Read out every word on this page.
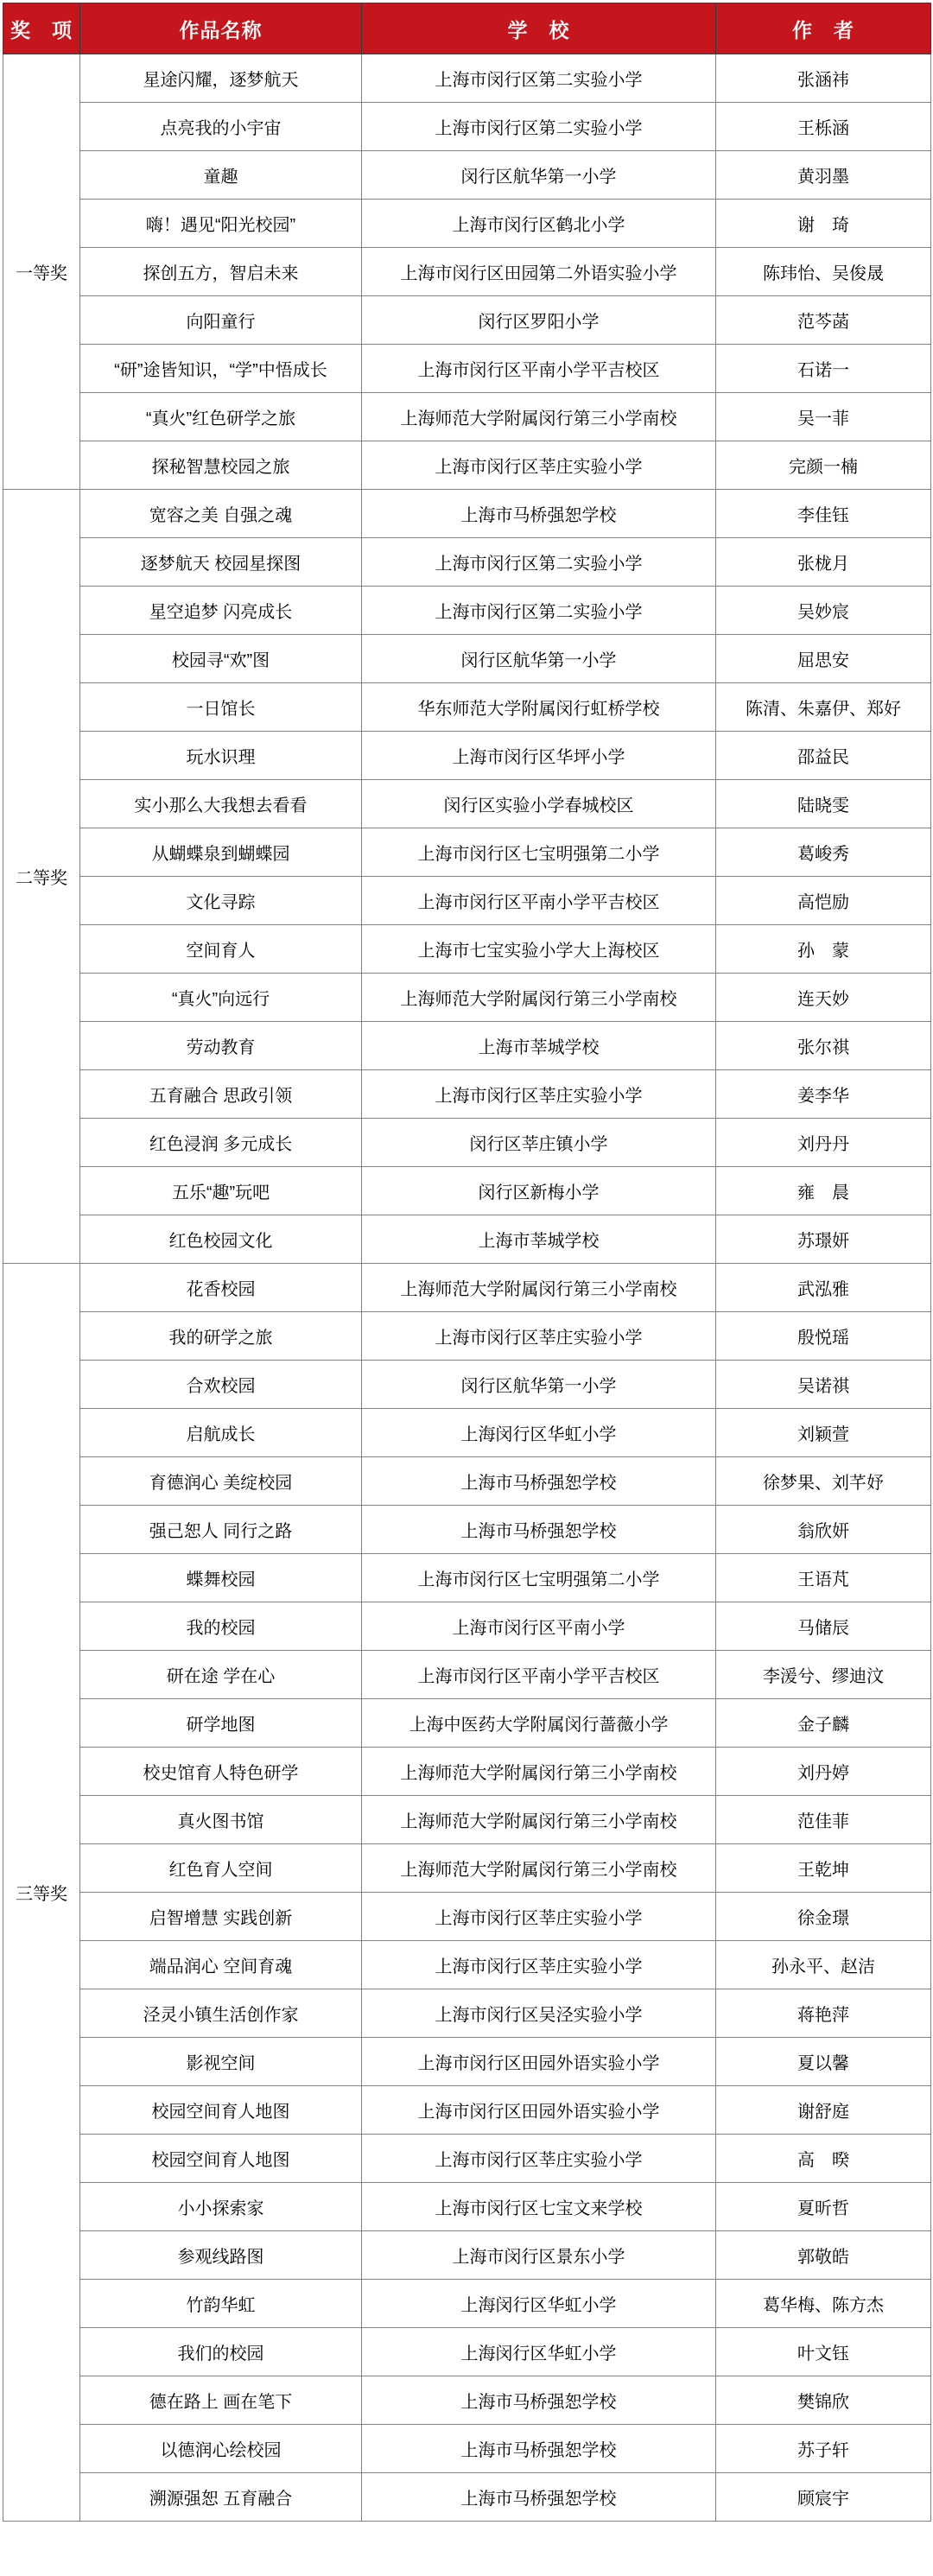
奖　项	作品名称	学　校	作　者
一等奖	星途闪耀，逐梦航天	上海市闵行区第二实验小学	张涵祎
	点亮我的小宇宙	上海市闵行区第二实验小学	王栎涵
	童趣	闵行区航华第一小学	黄羽墨
	嗨！遇见“阳光校园”	上海市闵行区鹤北小学	谢　琦
	探创五方，智启未来	上海市闵行区田园第二外语实验小学	陈玮怡、吴俊晟
	向阳童行	闵行区罗阳小学	范芩菡
	“研”途皆知识，“学”中悟成长	上海市闵行区平南小学平吉校区	石诺一
	“真火”红色研学之旅	上海师范大学附属闵行第三小学南校	吴一菲
	探秘智慧校园之旅	上海市闵行区莘庄实验小学	完颜一楠
二等奖	宽容之美 自强之魂	上海市马桥强恕学校	李佳钰
	逐梦航天 校园星探图	上海市闵行区第二实验小学	张栊月
	星空追梦 闪亮成长	上海市闵行区第二实验小学	吴妙宸
	校园寻“欢”图	闵行区航华第一小学	屈思安
	一日馆长	华东师范大学附属闵行虹桥学校	陈清、朱嘉伊、郑好
	玩水识理	上海市闵行区华坪小学	邵益民
	实小那么大我想去看看	闵行区实验小学春城校区	陆晓雯
	从蝴蝶泉到蝴蝶园	上海市闵行区七宝明强第二小学	葛峻秀
	文化寻踪	上海市闵行区平南小学平吉校区	高恺励
	空间育人	上海市七宝实验小学大上海校区	孙　蒙
	“真火”向远行	上海师范大学附属闵行第三小学南校	连天妙
	劳动教育	上海市莘城学校	张尔祺
	五育融合 思政引领	上海市闵行区莘庄实验小学	姜李华
	红色浸润 多元成长	闵行区莘庄镇小学	刘丹丹
	五乐“趣”玩吧	闵行区新梅小学	雍　晨
	红色校园文化	上海市莘城学校	苏璟妍
三等奖	花香校园	上海师范大学附属闵行第三小学南校	武泓雅
	我的研学之旅	上海市闵行区莘庄实验小学	殷悦瑶
	合欢校园	闵行区航华第一小学	吴诺祺
	启航成长	上海闵行区华虹小学	刘颖萱
	育德润心 美绽校园	上海市马桥强恕学校	徐梦果、刘芊妤
	强己恕人 同行之路	上海市马桥强恕学校	翁欣妍
	蝶舞校园	上海市闵行区七宝明强第二小学	王语芃
	我的校园	上海市闵行区平南小学	马储辰
	研在途 学在心	上海市闵行区平南小学平吉校区	李湲兮、缪迪汶
	研学地图	上海中医药大学附属闵行蔷薇小学	金子麟
	校史馆育人特色研学	上海师范大学附属闵行第三小学南校	刘丹婷
	真火图书馆	上海师范大学附属闵行第三小学南校	范佳菲
	红色育人空间	上海师范大学附属闵行第三小学南校	王乾坤
	启智增慧 实践创新	上海市闵行区莘庄实验小学	徐金璟
	端品润心 空间育魂	上海市闵行区莘庄实验小学	孙永平、赵洁
	泾灵小镇生活创作家	上海市闵行区吴泾实验小学	蒋艳萍
	影视空间	上海市闵行区田园外语实验小学	夏以馨
	校园空间育人地图	上海市闵行区田园外语实验小学	谢舒庭
	校园空间育人地图	上海市闵行区莘庄实验小学	高　暌
	小小探索家	上海市闵行区七宝文来学校	夏昕哲
	参观线路图	上海市闵行区景东小学	郭敬皓
	竹韵华虹	上海闵行区华虹小学	葛华梅、陈方杰
	我们的校园	上海闵行区华虹小学	叶文钰
	德在路上 画在笔下	上海市马桥强恕学校	樊锦欣
	以德润心绘校园	上海市马桥强恕学校	苏子轩
	溯源强恕 五育融合	上海市马桥强恕学校	顾宸宇
